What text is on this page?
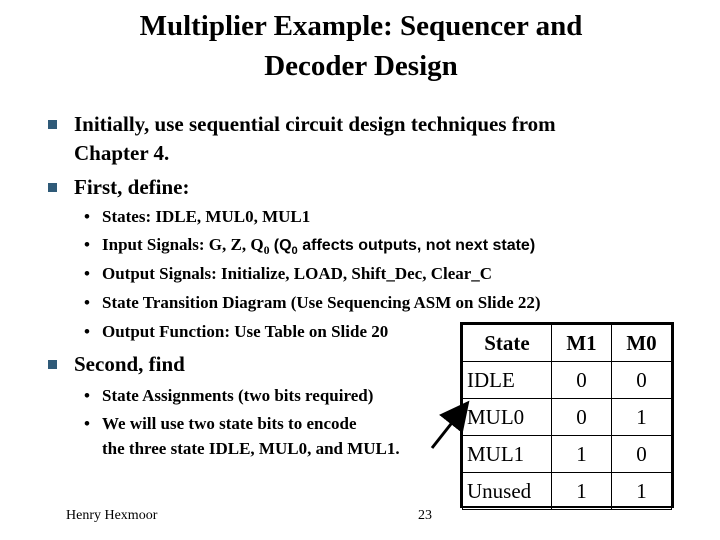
Multiplier Example: Sequencer and
Decoder Design
Initially, use sequential circuit design techniques from
Chapter 4.
First, define:
• States: IDLE, MUL0, MUL1
• Input Signals: G, Z, $Q_0$ ($Q_0$ affects outputs, not next state)
• Output Signals: Initialize, LOAD, Shift_Dec, Clear_C
• State Transition Diagram (Use Sequencing ASM on Slide 22)
• Output Function: Use Table on Slide 20
Second, find
• State Assignments (two bits required)
• We will use two state bits to encode
the three state IDLE, MUL0, and MUL1.
State	M1	M0
IDLE	0	0
MUL0	0	1
MUL1	1	0
Unused	1	1
Henry Hexmoor	23
